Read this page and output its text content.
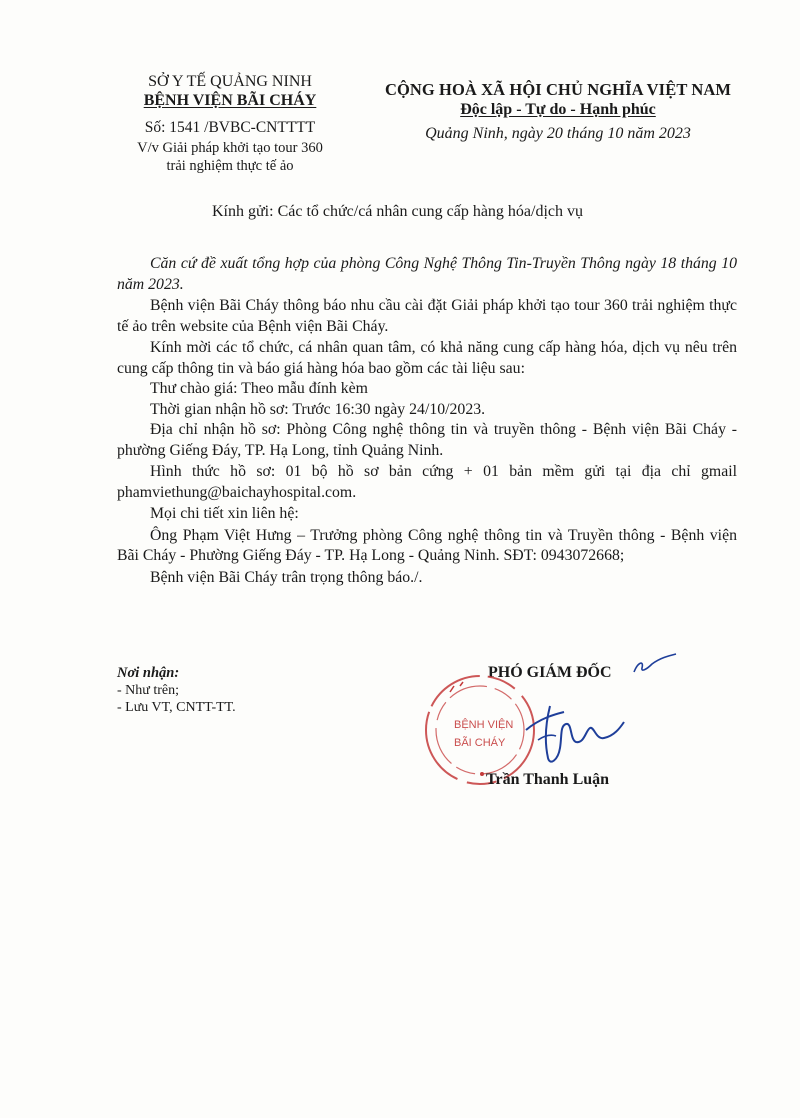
SỞ Y TẾ QUẢNG NINH
BỆNH VIỆN BÃI CHÁY
Số: 1541 /BVBC-CNTTTT
V/v Giải pháp khởi tạo tour 360
trải nghiệm thực tế ảo
CỘNG HOÀ XÃ HỘI CHỦ NGHĨA VIỆT NAM
Độc lập - Tự do - Hạnh phúc
Quảng Ninh, ngày 20 tháng 10 năm 2023
Kính gửi: Các tổ chức/cá nhân cung cấp hàng hóa/dịch vụ

Căn cứ đề xuất tổng hợp của phòng Công Nghệ Thông Tin-Truyền Thông ngày 18 tháng 10 năm 2023.

Bệnh viện Bãi Cháy thông báo nhu cầu cài đặt Giải pháp khởi tạo tour 360 trải nghiệm thực tế ảo trên website của Bệnh viện Bãi Cháy.

Kính mời các tổ chức, cá nhân quan tâm, có khả năng cung cấp hàng hóa, dịch vụ nêu trên cung cấp thông tin và báo giá hàng hóa bao gồm các tài liệu sau:

Thư chào giá: Theo mẫu đính kèm

Thời gian nhận hồ sơ: Trước 16:30 ngày 24/10/2023.

Địa chỉ nhận hồ sơ: Phòng Công nghệ thông tin và truyền thông - Bệnh viện Bãi Cháy - phường Giếng Đáy, TP. Hạ Long, tỉnh Quảng Ninh.

Hình thức hồ sơ: 01 bộ hồ sơ bản cứng + 01 bản mềm gửi tại địa chỉ gmail phamviethung@baichayhospital.com.

Mọi chi tiết xin liên hệ:

Ông Phạm Việt Hưng – Trưởng phòng Công nghệ thông tin và Truyền thông - Bệnh viện Bãi Cháy - Phường Giếng Đáy - TP. Hạ Long - Quảng Ninh. SĐT: 0943072668;

Bệnh viện Bãi Cháy trân trọng thông báo./.

Nơi nhận:
- Như trên;
- Lưu VT, CNTT-TT.
PHÓ GIÁM ĐỐC
BỆNH VIỆN
BÃI CHÁY
Trần Thanh Luận
